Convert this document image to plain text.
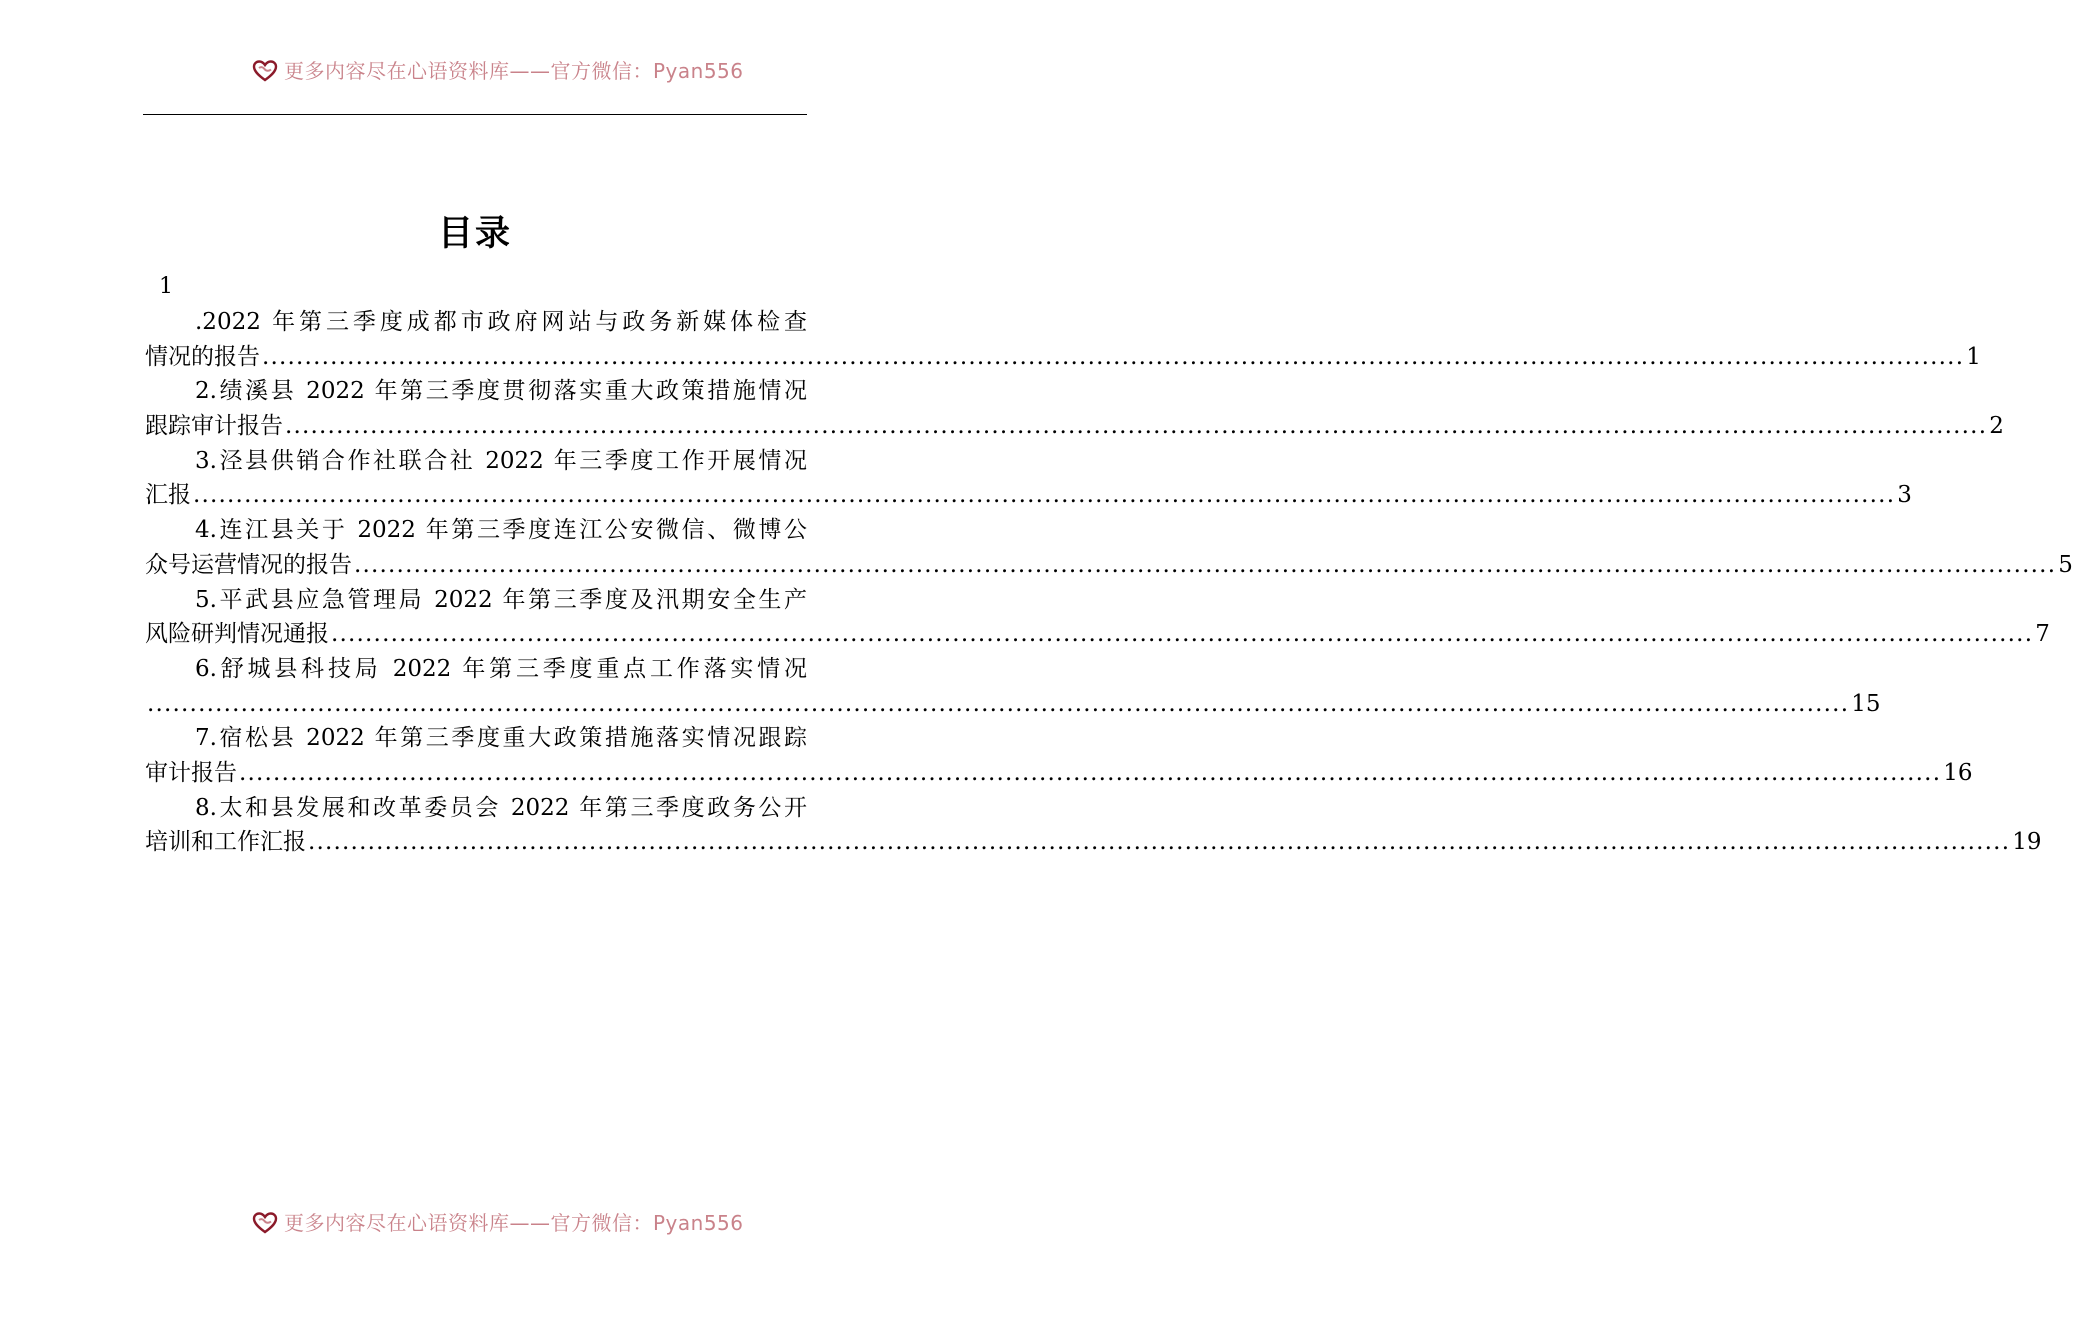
更多内容尽在心语资料库——官方微信：Pyan556
目录
1
.2022 年第三季度成都市政府网站与政务新媒体检查
情况的报告 ........................................................................................................................................................................................................ 1
2.绩溪县 2022 年第三季度贯彻落实重大政策措施情况
跟踪审计报告 ........................................................................................................................................................................................................ 2
3.泾县供销合作社联合社 2022 年三季度工作开展情况
汇报 ........................................................................................................................................................................................................ 3
4.连江县关于 2022 年第三季度连江公安微信、微博公
众号运营情况的报告 ........................................................................................................................................................................................................ 5
5.平武县应急管理局 2022 年第三季度及汛期安全生产
风险研判情况通报 ........................................................................................................................................................................................................ 7
6.舒城县科技局 2022 年第三季度重点工作落实情况
........................................................................................................................................................................................................ 15
7.宿松县 2022 年第三季度重大政策措施落实情况跟踪
审计报告 ........................................................................................................................................................................................................ 16
8.太和县发展和改革委员会 2022 年第三季度政务公开
培训和工作汇报 ........................................................................................................................................................................................................ 19
更多内容尽在心语资料库——官方微信：Pyan556
